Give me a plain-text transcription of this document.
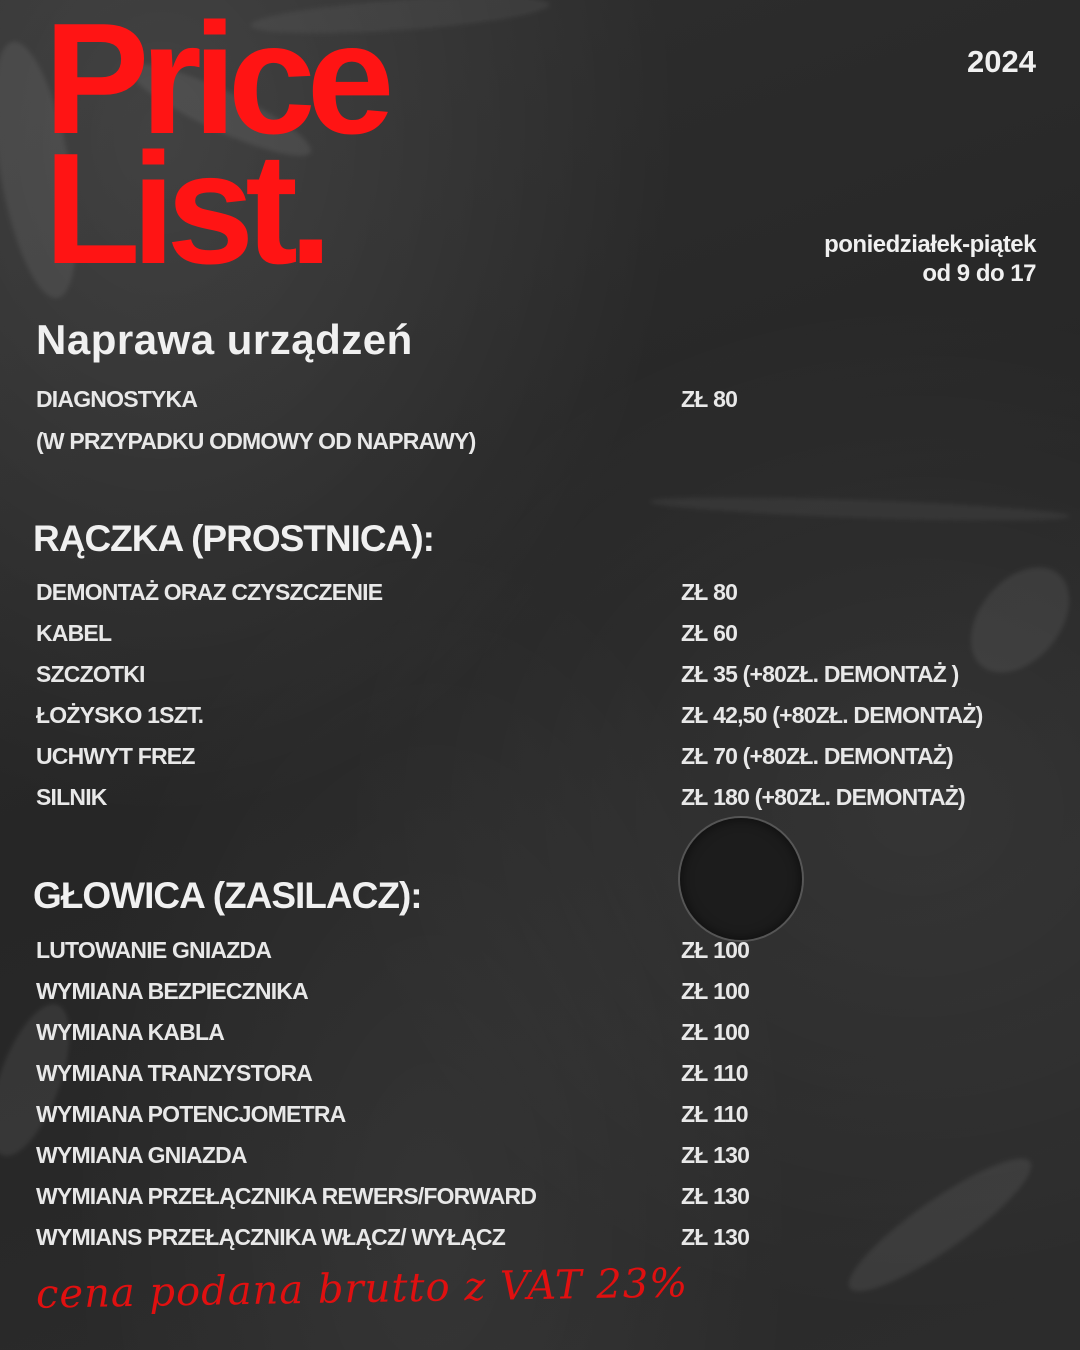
Price
List.
2024
poniedziałek-piątek
od 9 do 17
Naprawa urządzeń
DIAGNOSTYKA	ZŁ 80
(W PRZYPADKU ODMOWY OD NAPRAWY)
RĄCZKA (PROSTNICA):
DEMONTAŻ ORAZ CZYSZCZENIE	ZŁ 80
KABEL	ZŁ 60
SZCZOTKI	ZŁ 35 (+80ZŁ. DEMONTAŻ )
ŁOŻYSKO 1SZT.	ZŁ 42,50 (+80ZŁ. DEMONTAŻ)
UCHWYT FREZ	ZŁ 70 (+80ZŁ. DEMONTAŻ)
SILNIK	ZŁ 180 (+80ZŁ. DEMONTAŻ)
GŁOWICA (ZASILACZ):
LUTOWANIE GNIAZDA	ZŁ 100
WYMIANA BEZPIECZNIKA	ZŁ 100
WYMIANA KABLA	ZŁ 100
WYMIANA TRANZYSTORA	ZŁ 110
WYMIANA POTENCJOMETRA	ZŁ 110
WYMIANA GNIAZDA	ZŁ 130
WYMIANA PRZEŁĄCZNIKA REWERS/FORWARD	ZŁ 130
WYMIANS PRZEŁĄCZNIKA WŁĄCZ/ WYŁĄCZ	ZŁ 130
cena podana brutto z VAT 23%
